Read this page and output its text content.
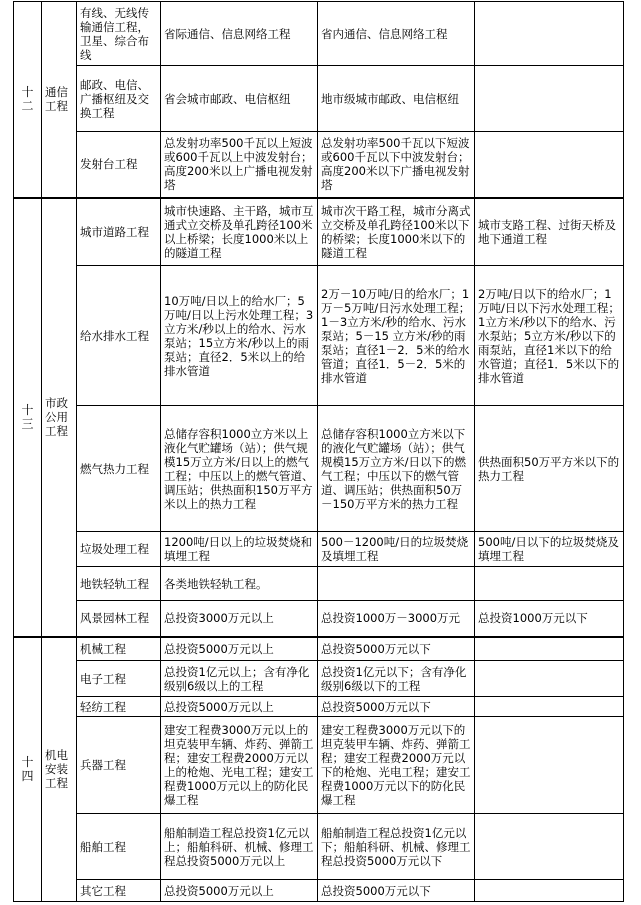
十
二	通信工程	有线、无线传输通信工程，卫星、综合布线	省际通信、信息网络工程	省内通信、信息网络工程	
		邮政、电信、广播枢纽及交换工程	省会城市邮政、电信枢纽	地市级城市邮政、电信枢纽	
		发射台工程	总发射功率500千瓦以上短波或600千瓦以上中波发射台；高度200米以上广播电视发射塔	总发射功率500千瓦以下短波或600千瓦以下中波发射台；高度200米以下广播电视发射塔	

十
三	市政公用工程	城市道路工程	城市快速路、主干路，城市互通式立交桥及单孔跨径100米以上桥梁；长度1000米以上的隧道工程	城市次干路工程，城市分离式立交桥及单孔跨径100米以下的桥梁；长度1000米以下的隧道工程	城市支路工程、过街天桥及地下通道工程
		给水排水工程	10万吨/日以上的给水厂；5万吨/日以上污水处理工程；3立方米/秒以上的给水、污水泵站；15立方米/秒以上的雨泵站；直径2．5米以上的给排水管道	2万－10万吨/日的给水厂；1万－5万吨/日污水处理工程；1－3立方米/秒的给水、污水泵站；5－15 立方米/秒的雨泵站；直径1－2．5米的给水管道；直径1．5－2．5米的排水管道	2万吨/日以下的给水厂；1万吨/日以下污水处理工程；1立方米/秒以下的给水、污水泵站；5立方米/秒以下的雨泵站，直径1米以下的给水管道；直径1．5米以下的排水管道
		燃气热力工程	总储存容积1000立方米以上液化气贮罐场（站）；供气规模15万立方米/日以上的燃气工程；中压以上的燃气管道、调压站；供热面积150万平方米以上的热力工程	总储存容积1000立方米以下的液化气贮罐场（站）；供气规模15万立方米/日以下的燃气工程；中压以下的燃气管道、调压站；供热面积50万－150万平方米的热力工程	供热面积50万平方米以下的热力工程
		垃圾处理工程	1200吨/日以上的垃圾焚烧和填埋工程	500－1200吨/日的垃圾焚烧及填埋工程	500吨/日以下的垃圾焚烧及填埋工程
		地铁轻轨工程	各类地铁轻轨工程。		
		风景园林工程	总投资3000万元以上	总投资1000万－3000万元	总投资1000万元以下

十
四	机电安装工程	机械工程	总投资5000万元以上	总投资5000万元以下	
		电子工程	总投资1亿元以上；含有净化级别6级以上的工程	总投资1亿元以下；含有净化级别6级以下的工程	
		轻纺工程	总投资5000万元以上	总投资5000万元以下	
		兵器工程	建安工程费3000万元以上的坦克装甲车辆、炸药、弹箭工程；建安工程费2000万元以上的枪炮、光电工程；建安工程费1000万元以上的防化民爆工程	建安工程费3000万元以下的坦克装甲车辆、炸药、弹箭工程；建安工程费2000万元以下的枪炮、光电工程；建安工程费1000万元以下的防化民爆工程	
		船舶工程	船舶制造工程总投资1亿元以上；船舶科研、机械、修理工程总投资5000万元以上	船舶制造工程总投资1亿元以下；船舶科研、机械、修理工程总投资5000万元以下	
		其它工程	总投资5000万元以上	总投资5000万元以下	
